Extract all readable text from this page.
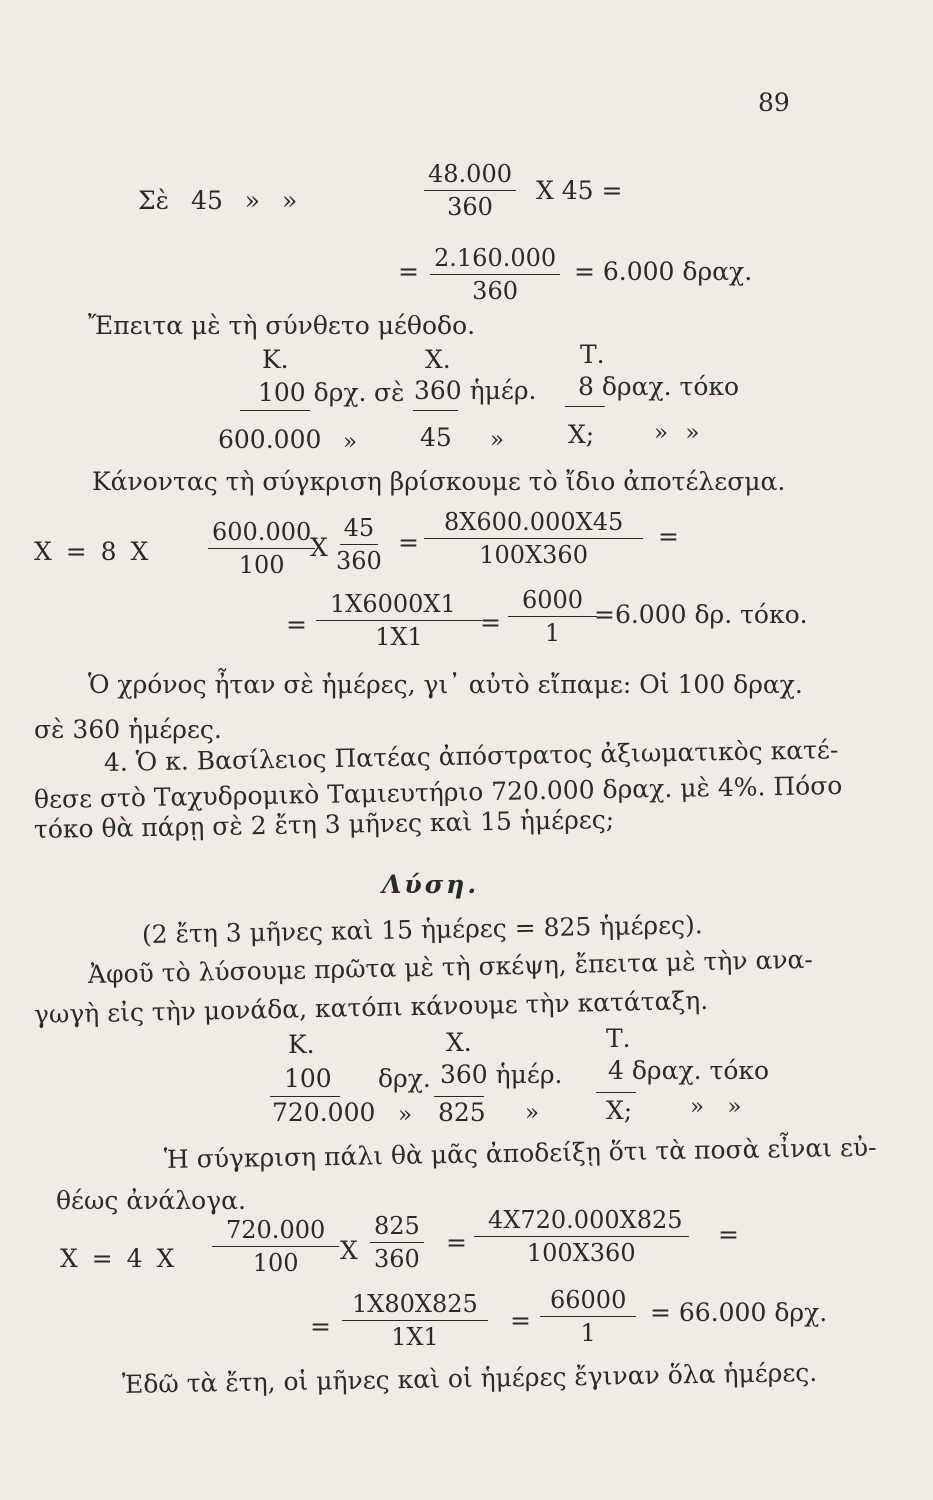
89
Σὲ 45 » »	$\frac{48.000}{360}$ X 45 =
= $\frac{2.160.000}{360} = 6.000$ δραχ.
Ἔπειτα μὲ τὴ σύνθετο μέθοδο.
Κ.	Χ.	Τ.
100 δρχ. σὲ 360 ἡμέρ. 8 δραχ. τόκο
600.000 »	45 »	Χ;	» »
Κάνοντας τὴ σύγκριση βρίσκουμε τὸ ἴδιο ἀποτέλεσμα.
Χ = 8 Χ $\frac{600.000}{100}$
Χ $\frac{45}{360} = \frac{8X600.000X45}{100X360}$ =
= $\frac{1X6000X1}{1X1}$
= $\frac{6000}{1}$
=6.000 δρ. τόκο.
Ὁ χρόνος ἦταν σὲ ἡμέρες, γι᾽ αὐτὸ εἴπαμε: Οἱ 100 δραχ.
σὲ 360 ἡμέρες.
4. Ὁ κ. Βασίλειος Πατέας ἀπόστρατος ἀξιωματικὸς κατέ-
θεσε στὸ Ταχυδρομικὸ Ταμιευτήριο 720.000 δραχ. μὲ 4%. Πόσο
τόκο θὰ πάρῃ σὲ 2 ἔτη 3 μῆνες καὶ 15 ἡμέρες;
Λύση.
(2 ἔτη 3 μῆνες καὶ 15 ἡμέρες = 825 ἡμέρες).
Ἀφοῦ τὸ λύσουμε πρῶτα μὲ τὴ σκέψη, ἔπειτα μὲ τὴν ανα-
γωγὴ εἰς τὴν μονάδα, κατόπι κάνουμε τὴν κατάταξη.
Κ.	Χ.	Τ.
100 δρχ. 360 ἡμέρ. 4 δραχ. τόκο
720.000 » 825 »	Χ;	» »
Ἡ σύγκριση πάλι θὰ μᾶς ἀποδείξῃ ὅτι τὰ ποσὰ εἶναι εὐ-
θέως ἀνάλογα.
Χ = 4 Χ $\frac{720.000}{100}$ Χ $\frac{825}{360} = \frac{4X720.000X825}{100X360}$ =
= $\frac{1X80X825}{1X1} = \frac{66000}{1} = 66.000$ δρχ.
Ἐδῶ τὰ ἔτη, οἱ μῆνες καὶ οἱ ἡμέρες ἔγιναν ὅλα ἡμέρες.
